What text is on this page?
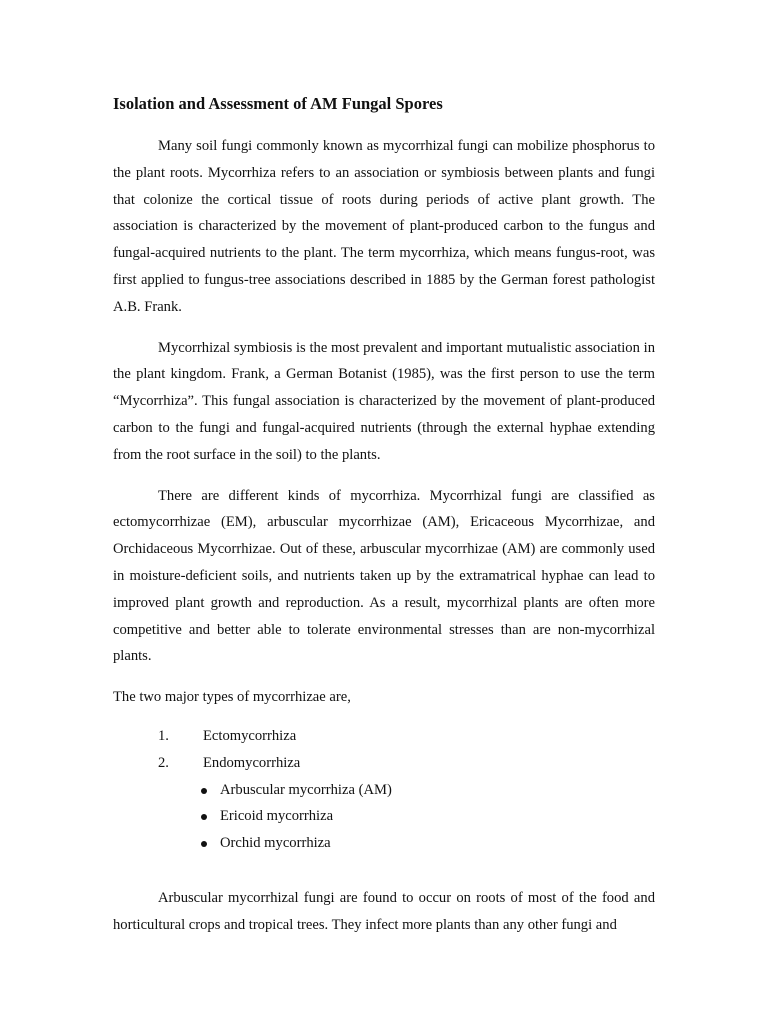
Isolation and Assessment of AM Fungal Spores

Many soil fungi commonly known as mycorrhizal fungi can mobilize phosphorus to the plant roots. Mycorrhiza refers to an association or symbiosis between plants and fungi that colonize the cortical tissue of roots during periods of active plant growth. The association is characterized by the movement of plant-produced carbon to the fungus and fungal-acquired nutrients to the plant. The term mycorrhiza, which means fungus-root, was first applied to fungus-tree associations described in 1885 by the German forest pathologist A.B. Frank.

Mycorrhizal symbiosis is the most prevalent and important mutualistic association in the plant kingdom. Frank, a German Botanist (1985), was the first person to use the term “Mycorrhiza”. This fungal association is characterized by the movement of plant-produced carbon to the fungi and fungal-acquired nutrients (through the external hyphae extending from the root surface in the soil) to the plants.

There are different kinds of mycorrhiza. Mycorrhizal fungi are classified as ectomycorrhizae (EM), arbuscular mycorrhizae (AM), Ericaceous Mycorrhizae, and Orchidaceous Mycorrhizae. Out of these, arbuscular mycorrhizae (AM) are commonly used in moisture-deficient soils, and nutrients taken up by the extramatrical hyphae can lead to improved plant growth and reproduction. As a result, mycorrhizal plants are often more competitive and better able to tolerate environmental stresses than are non-mycorrhizal plants.

The two major types of mycorrhizae are,

1. Ectomycorrhiza
2. Endomycorrhiza
Arbuscular mycorrhiza (AM)
Ericoid mycorrhiza
Orchid mycorrhiza

Arbuscular mycorrhizal fungi are found to occur on roots of most of the food and horticultural crops and tropical trees. They infect more plants than any other fungi and
